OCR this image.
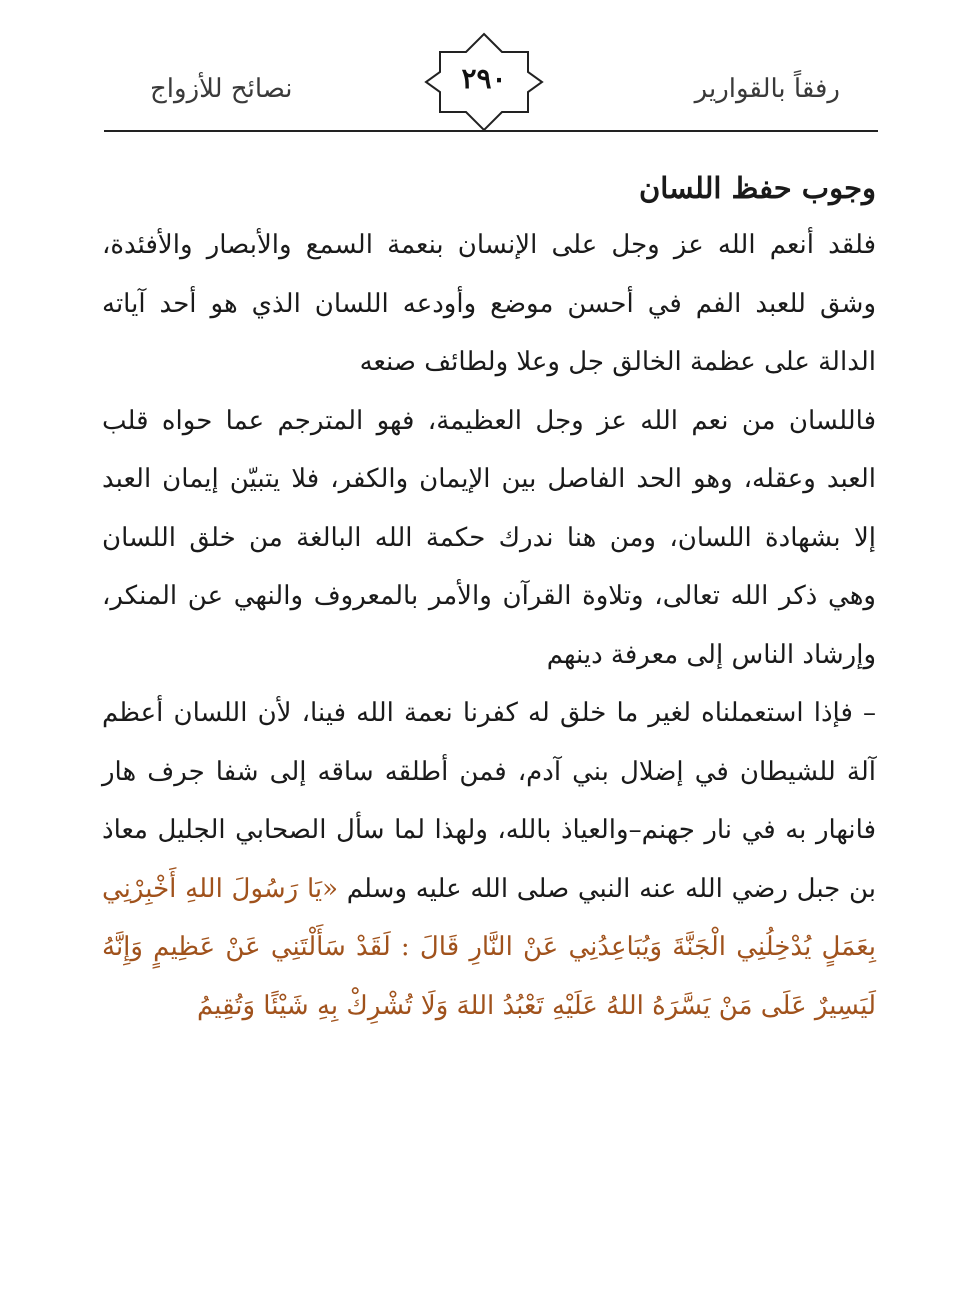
رفقاً بالقوارير
٢٩٠
نصائح للأزواج
وجوب حفظ اللسان

فلقد أنعم الله عز وجل على الإنسان بنعمة السمع والأبصار والأفئدة، وشق للعبد الفم في أحسن موضع وأودعه اللسان الذي هو أحد آياته الدالة على عظمة الخالق جل وعلا ولطائف صنعه

فاللسان من نعم الله عز وجل العظيمة، فهو المترجم عما حواه قلب العبد وعقله، وهو الحد الفاصل بين الإيمان والكفر، فلا يتبيّن إيمان العبد إلا بشهادة اللسان، ومن هنا ندرك حكمة الله البالغة من خلق اللسان وهي ذكر الله تعالى، وتلاوة القرآن والأمر بالمعروف والنهي عن المنكر، وإرشاد الناس إلى معرفة دينهم

– فإذا استعملناه لغير ما خلق له كفرنا نعمة الله فينا، لأن اللسان أعظم آلة للشيطان في إضلال بني آدم، فمن أطلقه ساقه إلى شفا جرف هار فانهار به في نار جهنم–والعياذ بالله، ولهذا لما سأل الصحابي الجليل معاذ بن جبل رضي الله عنه النبي صلى الله عليه وسلم «يَا رَسُولَ اللهِ أَخْبِرْنِي بِعَمَلٍ يُدْخِلُنِي الْجَنَّةَ وَيُبَاعِدُنِي عَنْ النَّارِ قَالَ : لَقَدْ سَأَلْتَنِي عَنْ عَظِيمٍ وَإِنَّهُ لَيَسِيرٌ عَلَى مَنْ يَسَّرَهُ اللهُ عَلَيْهِ تَعْبُدُ اللهَ وَلَا تُشْرِكْ بِهِ شَيْئًا وَتُقِيمُ
